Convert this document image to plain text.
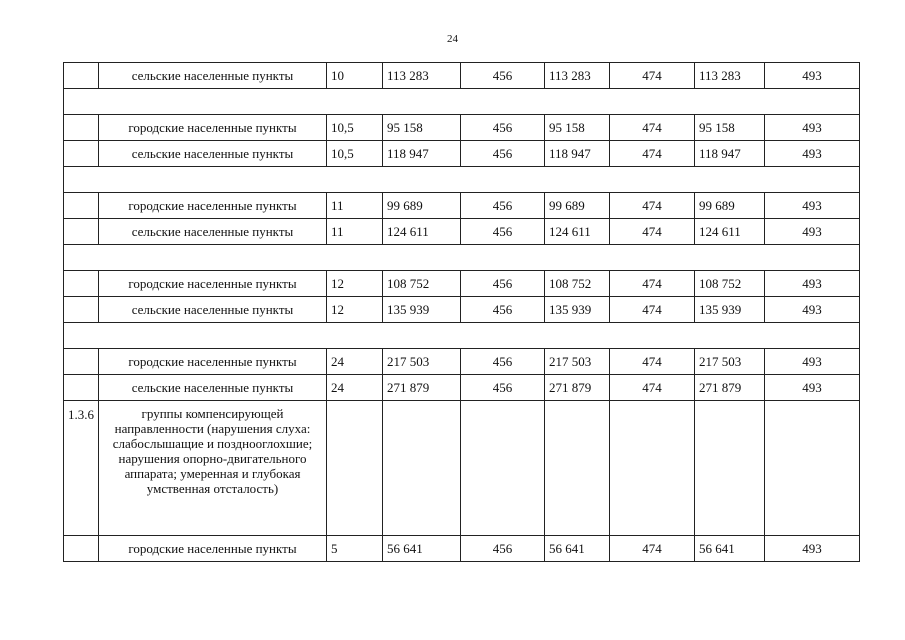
24
	сельские населенные пункты	10	113 283	456	113 283	474	113 283	493

	городские населенные пункты	10,5	95 158	456	95 158	474	95 158	493
	сельские населенные пункты	10,5	118 947	456	118 947	474	118 947	493

	городские населенные пункты	11	99 689	456	99 689	474	99 689	493
	сельские населенные пункты	11	124 611	456	124 611	474	124 611	493

	городские населенные пункты	12	108 752	456	108 752	474	108 752	493
	сельские населенные пункты	12	135 939	456	135 939	474	135 939	493

	городские населенные пункты	24	217 503	456	217 503	474	217 503	493
	сельские населенные пункты	24	271 879	456	271 879	474	271 879	493
1.3.6	группы компенсирующей направленности (нарушения слуха: слабослышащие и позднооглохшие; нарушения опорно-двигательного аппарата; умеренная и глубокая умственная отсталость)							
	городские населенные пункты	5	56 641	456	56 641	474	56 641	493
